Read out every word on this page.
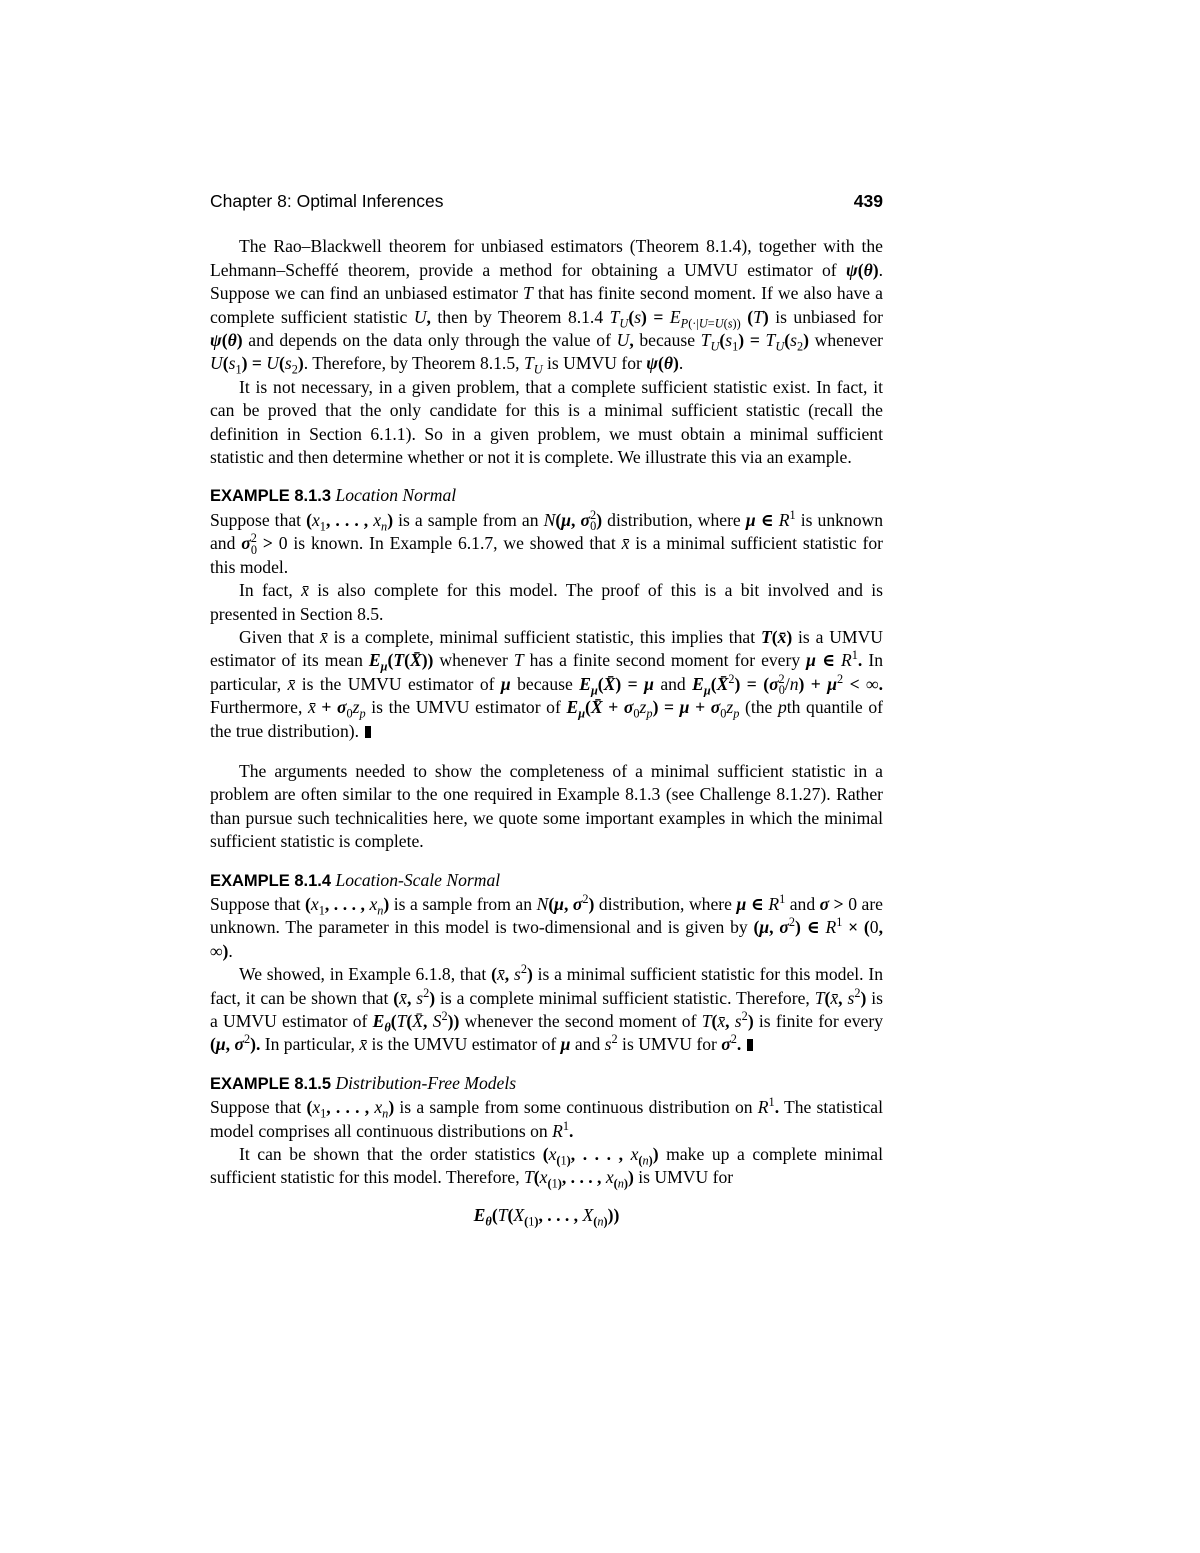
Chapter 8: Optimal Inferences	439

The Rao–Blackwell theorem for unbiased estimators (Theorem 8.1.4), together with the Lehmann–Scheffé theorem, provide a method for obtaining a UMVU estimator of ψ(θ). Suppose we can find an unbiased estimator T that has finite second moment. If we also have a complete sufficient statistic U, then by Theorem 8.1.4 $T_U(s) = E_{P(\cdot|U=U(s))}$ (T) is unbiased for ψ(θ) and depends on the data only through the value of U, because $T_U(s_1) = T_U(s_2)$ whenever $U(s_1) = U(s_2)$. Therefore, by Theorem 8.1.5, $T_U$ is UMVU for ψ(θ).

It is not necessary, in a given problem, that a complete sufficient statistic exist. In fact, it can be proved that the only candidate for this is a minimal sufficient statistic (recall the definition in Section 6.1.1). So in a given problem, we must obtain a minimal sufficient statistic and then determine whether or not it is complete. We illustrate this via an example.

EXAMPLE 8.1.3 Location Normal

Suppose that ($x_1$, . . . , $x_n$) is a sample from an N(μ, $\sigma^2_0$) distribution, where μ ∈ $R^1$ is unknown and $\sigma^2_0 > 0$ is known. In Example 6.1.7, we showed that x̄ is a minimal sufficient statistic for this model.

In fact, x̄ is also complete for this model. The proof of this is a bit involved and is presented in Section 8.5.

Given that x̄ is a complete, minimal sufficient statistic, this implies that T(x̄) is a UMVU estimator of its mean $E_\mu(T(X̄))$ whenever T has a finite second moment for every μ ∈ $R^1$. In particular, x̄ is the UMVU estimator of μ because $E_\mu(X̄) = \mu$ and $E_\mu(X̄^2) = (\sigma^2_0/n) + \mu^2$ < ∞. Furthermore, x̄ + $\sigma_0z_p$ is the UMVU estimator of $E_\mu(X̄ + \sigma_0z_p) = \mu + \sigma_0z_p$ (the pth quantile of the true distribution).

The arguments needed to show the completeness of a minimal sufficient statistic in a problem are often similar to the one required in Example 8.1.3 (see Challenge 8.1.27). Rather than pursue such technicalities here, we quote some important examples in which the minimal sufficient statistic is complete.

EXAMPLE 8.1.4 Location-Scale Normal

Suppose that ($x_1$, . . . , $x_n$) is a sample from an N(μ, $\sigma^2$) distribution, where μ ∈ $R^1$ and σ > 0 are unknown. The parameter in this model is two-dimensional and is given by (μ, $\sigma^2$) ∈ $R^1 \times (0$, ∞).

We showed, in Example 6.1.8, that (x̄, $s^2$) is a minimal sufficient statistic for this model. In fact, it can be shown that (x̄, $s^2$) is a complete minimal sufficient statistic. Therefore, T(x̄, $s^2$) is a UMVU estimator of $E_\theta(T(X̄$, $S^2$)) whenever the second moment of T(x̄, $s^2$) is finite for every (μ, $\sigma^2$). In particular, x̄ is the UMVU estimator of μ and $s^2$ is UMVU for $\sigma^2$.

EXAMPLE 8.1.5 Distribution-Free Models

Suppose that ($x_1$, . . . , $x_n$) is a sample from some continuous distribution on $R^1$. The statistical model comprises all continuous distributions on $R^1$.

It can be shown that the order statistics ($x_{(1)}$, . . . , $x_{(n)}$) make up a complete minimal sufficient statistic for this model. Therefore, $T(x_{(1)}$, . . . , $x_{(n)}$) is UMVU for

$E_\theta(T(X_{(1)}$, . . . , $X_{(n)}$))
